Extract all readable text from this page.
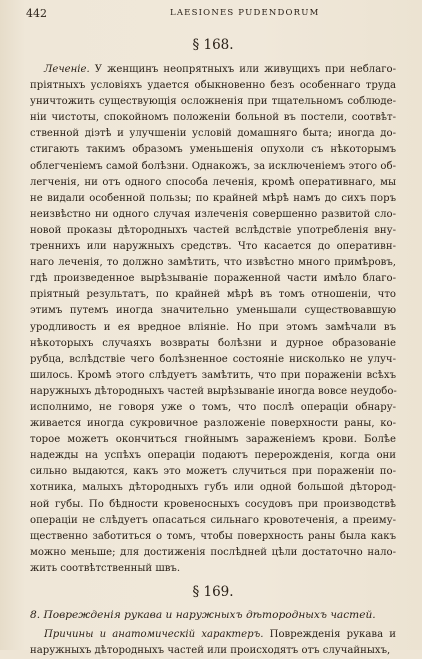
442	LAESIONES PUDENDORUM
§ 168.
Леченіе. У женщинъ неопрятныхъ или живущихъ при неблаго-
пріятныхъ условіяхъ удается обыкновенно безъ особеннаго труда
уничтожить существующія осложненія при тщательномъ соблюде-
ніи чистоты, спокойномъ положеніи больной въ постели, соотвѣт-
ственной діэтѣ и улучшеніи условій домашняго быта; иногда до-
стигають такимъ образомъ уменьшенія опухоли съ нѣкоторымъ
облегченіемъ самой болѣзни. Однакожъ, за исключеніемъ этого об-
легченія, ни отъ одного способа леченія, кромѣ оперативнаго, мы
не видали особенной пользы; по крайней мѣрѣ намъ до сихъ поръ
неизвѣстно ни одного случая излеченія совершенно развитой сло-
новой проказы дѣтородныхъ частей вслѣдствіе употребленія вну-
треннихъ или наружныхъ средствъ. Что касается до оперативн-
наго леченія, то должно замѣтить, что извѣстно много примѣровъ,
гдѣ произведенное вырѣзываніе пораженной части имѣло благо-
пріятный результатъ, по крайней мѣрѣ въ томъ отношеніи, что
этимъ путемъ иногда значительно уменьшали существовавшую
уродливость и ея вредное вліяніе. Но при этомъ замѣчали въ
нѣкоторыхъ случаяхъ возвраты болѣзни и дурное образованіе
рубца, вслѣдствіе чего болѣзненное состояніе нисколько не улуч-
шилось. Кромѣ этого слѣдуетъ замѣтить, что при пораженіи всѣхъ
наружныхъ дѣтородныхъ частей вырѣзываніе иногда вовсе неудобо-
исполнимо, не говоря уже о томъ, что послѣ операціи обнару-
живается иногда сукровичное разложеніе поверхности раны, ко-
торое можетъ окончиться гнойнымъ зараженіемъ крови. Болѣе
надежды на успѣхъ операціи подаютъ перерожденія, когда они
сильно выдаются, какъ это можетъ случиться при пораженіи по-
хотника, малыхъ дѣтородныхъ губъ или одной большой дѣтород-
ной губы. По бѣдности кровеносныхъ сосудовъ при производствѣ
операціи не слѣдуетъ опасаться сильнаго кровотеченія, а преиму-
щественно заботиться о томъ, чтобы поверхность раны была какъ
можно меньше; для достиженія послѣдней цѣли достаточно нало-
жить соотвѣтственный швъ.
§ 169.

8. Поврежденія рукава и наружныхъ дѣтородныхъ частей.

Причины и анатомическій характеръ. Поврежденія рукава и
наружныхъ дѣтородныхъ частей или происходятъ отъ случайныхъ,
